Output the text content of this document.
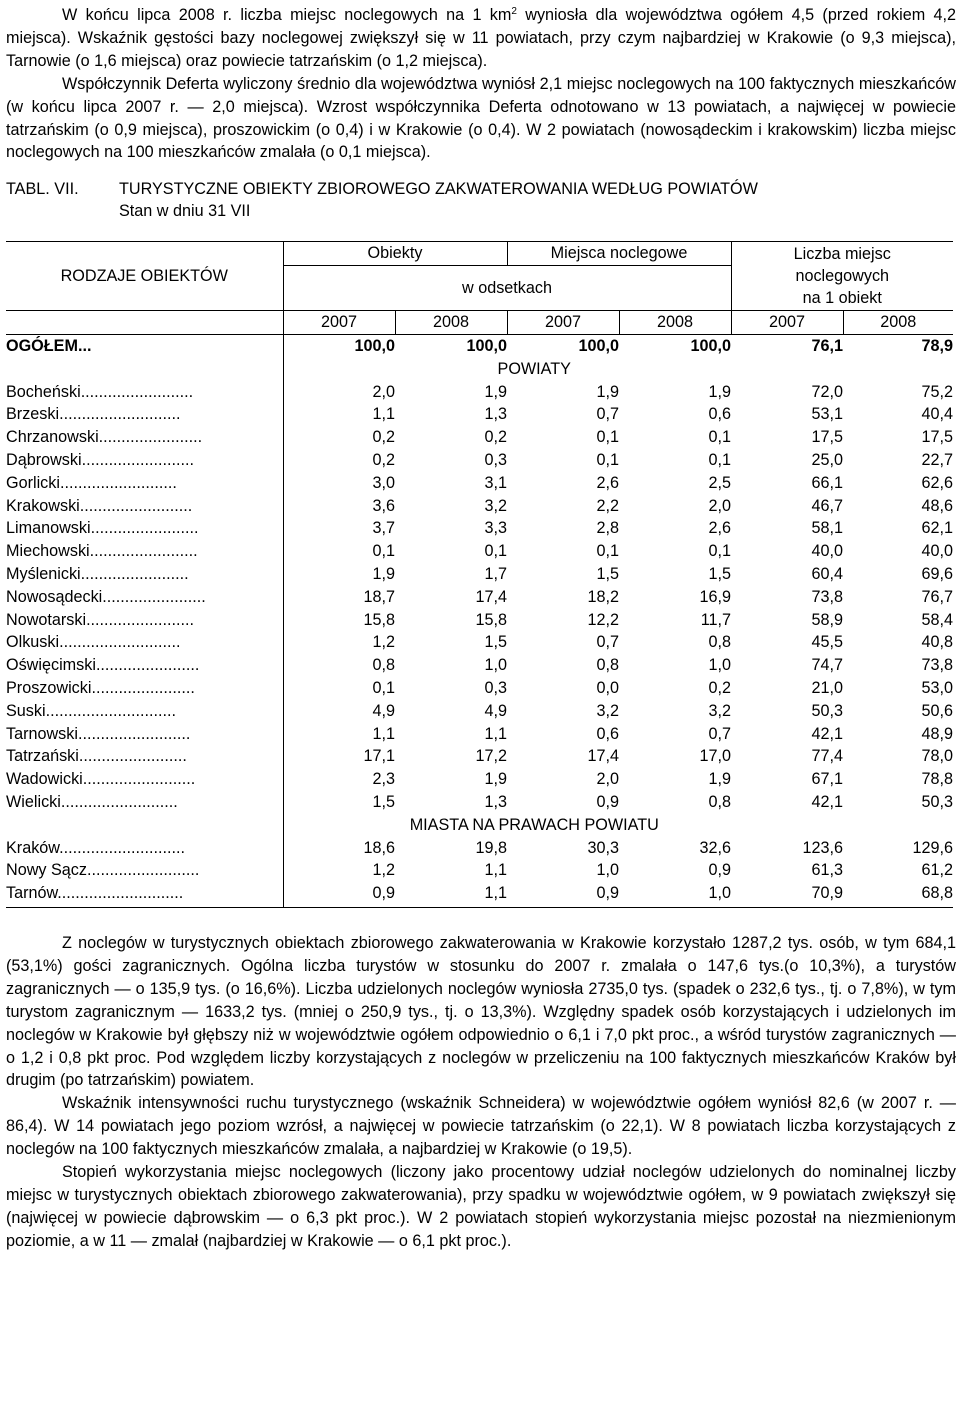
W końcu lipca 2008 r. liczba miejsc noclegowych na 1 $km^2$ wyniosła dla województwa ogółem 4,5 (przed rokiem 4,2 miejsca). Wskaźnik gęstości bazy noclegowej zwiększył się w 11 powiatach, przy czym najbardziej w Krakowie (o 9,3 miejsca), Tarnowie (o 1,6 miejsca) oraz powiecie tatrzańskim (o 1,2 miejsca).

Współczynnik Deferta wyliczony średnio dla województwa wyniósł 2,1 miejsc noclegowych na 100 faktycznych mieszkańców (w końcu lipca 2007 r. — 2,0 miejsca). Wzrost współczynnika Deferta odnotowano w 13 powiatach, a najwięcej w powiecie tatrzańskim (o 0,9 miejsca), proszowickim (o 0,4) i w Krakowie (o 0,4). W 2 powiatach (nowosądeckim i krakowskim) liczba miejsc noclegowych na 100 mieszkańców zmalała (o 0,1 miejsca).

TABL. VII. TURYSTYCZNE OBIEKTY ZBIOROWEGO ZAKWATEROWANIA WEDŁUG POWIATÓW
Stan w dniu 31 VII
RODZAJE OBIEKTÓW	Obiekty		Miejsca noclegowe		Liczba miejsc
noclegowych
na 1 obiekt	
	w odsetkach					
	2007	2008	2007	2008	2007	2008
OGÓŁEM...	100,0	100,0	100,0	100,0	76,1	78,9
	POWIATY					
Bocheński.........................	2,0	1,9	1,9	1,9	72,0	75,2
Brzeski...........................	1,1	1,3	0,7	0,6	53,1	40,4
Chrzanowski.......................	0,2	0,2	0,1	0,1	17,5	17,5
Dąbrowski.........................	0,2	0,3	0,1	0,1	25,0	22,7
Gorlicki..........................	3,0	3,1	2,6	2,5	66,1	62,6
Krakowski.........................	3,6	3,2	2,2	2,0	46,7	48,6
Limanowski........................	3,7	3,3	2,8	2,6	58,1	62,1
Miechowski........................	0,1	0,1	0,1	0,1	40,0	40,0
Myślenicki........................	1,9	1,7	1,5	1,5	60,4	69,6
Nowosądecki.......................	18,7	17,4	18,2	16,9	73,8	76,7
Nowotarski........................	15,8	15,8	12,2	11,7	58,9	58,4
Olkuski...........................	1,2	1,5	0,7	0,8	45,5	40,8
Oświęcimski.......................	0,8	1,0	0,8	1,0	74,7	73,8
Proszowicki.......................	0,1	0,3	0,0	0,2	21,0	53,0
Suski.............................	4,9	4,9	3,2	3,2	50,3	50,6
Tarnowski.........................	1,1	1,1	0,6	0,7	42,1	48,9
Tatrzański........................	17,1	17,2	17,4	17,0	77,4	78,0
Wadowicki.........................	2,3	1,9	2,0	1,9	67,1	78,8
Wielicki..........................	1,5	1,3	0,9	0,8	42,1	50,3
	MIASTA NA PRAWACH POWIATU					
Kraków............................	18,6	19,8	30,3	32,6	123,6	129,6
Nowy Sącz.........................	1,2	1,1	1,0	0,9	61,3	61,2
Tarnów............................	0,9	1,1	0,9	1,0	70,9	68,8

Z noclegów w turystycznych obiektach zbiorowego zakwaterowania w Krakowie korzystało 1287,2 tys. osób, w tym 684,1 (53,1%) gości zagranicznych. Ogólna liczba turystów w stosunku do 2007 r. zmalała o 147,6 tys.(o 10,3%), a turystów zagranicznych — o 135,9 tys. (o 16,6%). Liczba udzielonych noclegów wyniosła 2735,0 tys. (spadek o 232,6 tys., tj. o 7,8%), w tym turystom zagranicznym — 1633,2 tys. (mniej o 250,9 tys., tj. o 13,3%). Względny spadek osób korzystających i udzielonych im noclegów w Krakowie był głębszy niż w województwie ogółem odpowiednio o 6,1 i 7,0 pkt proc., a wśród turystów zagranicznych — o 1,2 i 0,8 pkt proc. Pod względem liczby korzystających z noclegów w przeliczeniu na 100 faktycznych mieszkańców Kraków był drugim (po tatrzańskim) powiatem.

Wskaźnik intensywności ruchu turystycznego (wskaźnik Schneidera) w województwie ogółem wyniósł 82,6 (w 2007 r. — 86,4). W 14 powiatach jego poziom wzrósł, a najwięcej w powiecie tatrzańskim (o 22,1). W 8 powiatach liczba korzystających z noclegów na 100 faktycznych mieszkańców zmalała, a najbardziej w Krakowie (o 19,5).

Stopień wykorzystania miejsc noclegowych (liczony jako procentowy udział noclegów udzielonych do nominalnej liczby miejsc w turystycznych obiektach zbiorowego zakwaterowania), przy spadku w województwie ogółem, w 9 powiatach zwiększył się (najwięcej w powiecie dąbrowskim — o 6,3 pkt proc.). W 2 powiatach stopień wykorzystania miejsc pozostał na niezmienionym poziomie, a w 11 — zmalał (najbardziej w Krakowie — o 6,1 pkt proc.).
